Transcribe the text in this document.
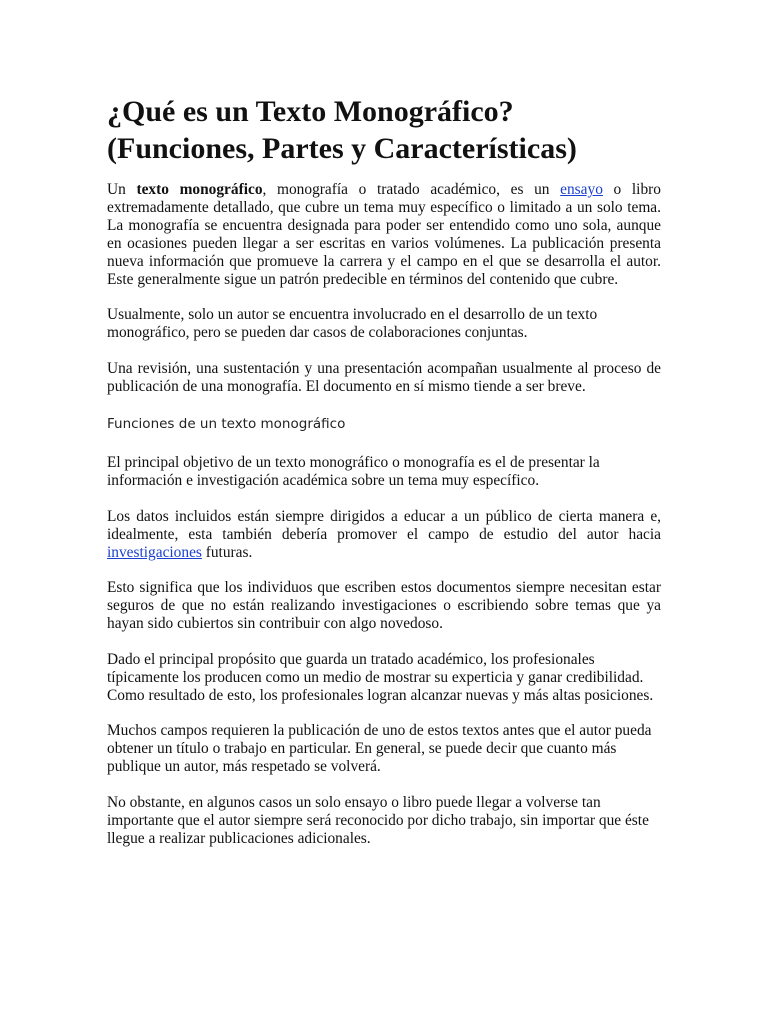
¿Qué es un Texto Monográfico?
(Funciones, Partes y Características)

Un texto monográfico, monografía o tratado académico, es un ensayo o libro extremadamente detallado, que cubre un tema muy específico o limitado a un solo tema. La monografía se encuentra designada para poder ser entendido como uno sola, aunque en ocasiones pueden llegar a ser escritas en varios volúmenes. La publicación presenta nueva información que promueve la carrera y el campo en el que se desarrolla el autor. Este generalmente sigue un patrón predecible en términos del contenido que cubre.

Usualmente, solo un autor se encuentra involucrado en el desarrollo de un texto monográfico, pero se pueden dar casos de colaboraciones conjuntas.

Una revisión, una sustentación y una presentación acompañan usualmente al proceso de publicación de una monografía. El documento en sí mismo tiende a ser breve.

Funciones de un texto monográfico

El principal objetivo de un texto monográfico o monografía es el de presentar la información e investigación académica sobre un tema muy específico.

Los datos incluidos están siempre dirigidos a educar a un público de cierta manera e, idealmente, esta también debería promover el campo de estudio del autor hacia investigaciones futuras.

Esto significa que los individuos que escriben estos documentos siempre necesitan estar seguros de que no están realizando investigaciones o escribiendo sobre temas que ya hayan sido cubiertos sin contribuir con algo novedoso.

Dado el principal propósito que guarda un tratado académico, los profesionales típicamente los producen como un medio de mostrar su experticia y ganar credibilidad. Como resultado de esto, los profesionales logran alcanzar nuevas y más altas posiciones.

Muchos campos requieren la publicación de uno de estos textos antes que el autor pueda obtener un título o trabajo en particular. En general, se puede decir que cuanto más publique un autor, más respetado se volverá.

No obstante, en algunos casos un solo ensayo o libro puede llegar a volverse tan importante que el autor siempre será reconocido por dicho trabajo, sin importar que éste llegue a realizar publicaciones adicionales.
